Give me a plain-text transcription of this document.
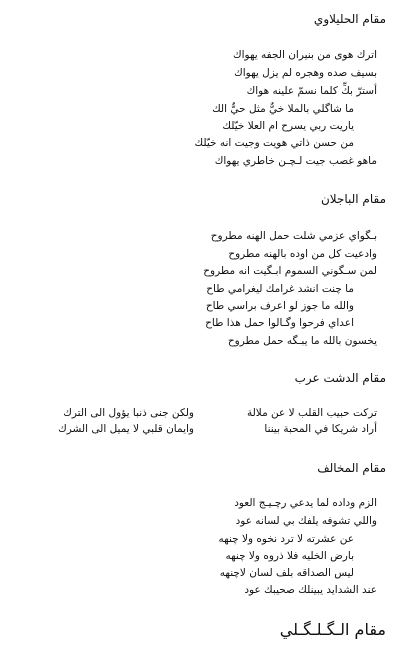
مقام الحليلاوي
اترك هوى من بنيران الجفه يهواك
بسيف صده وهجره لم يزل يهواك
أسترّ بكِّ كلما نسمّ علينه هواك
ما شاگلي بالملا خيٌّ مثل حيٌّ الك
ياريت ربي يسرح ام العلا خيّلك
من حسن ذاتي هويت وجيت انه خيّلك
ماهو غصب جيت لـچـن خاطري يهواك
مقام الباجلان
بـگواي عزمي شلت حمل الهنه مطروح
وادعيت كل من اوده بالهنه مطروح
لمن سـگوني السموم ابـگيت انه مطروح
ما چنت انشد غرامك ليغرامي طاح
والله ما جوز لو اعرف براسي طاح
اعداي فرحوا وگـالوا حمل هذا طاح
يخسون بالله ما يبـگه حمل مطروح
مقام الدشت عرب
تركت حبيب القلب لا عن ملالة
ولكن جنى ذنبا يؤول الى الترك
أراد شريكا في المحبة بيننا
وايمان قلبي لا يميل الى الشرك
مقام المخالف
الزم وداده لما يدعي رچـيـج العود
واللي تشوفه يلفك بي لسانه عود
عن عشرته لا ترد نخوه ولا چنهه
بارض الخليه فلا ذروه ولا چنهه
ليس الصداقه بلف لسان لاچنهه
عند الشدايد يبينلك صحيبك عود
مقام الـگـلـگـلي
